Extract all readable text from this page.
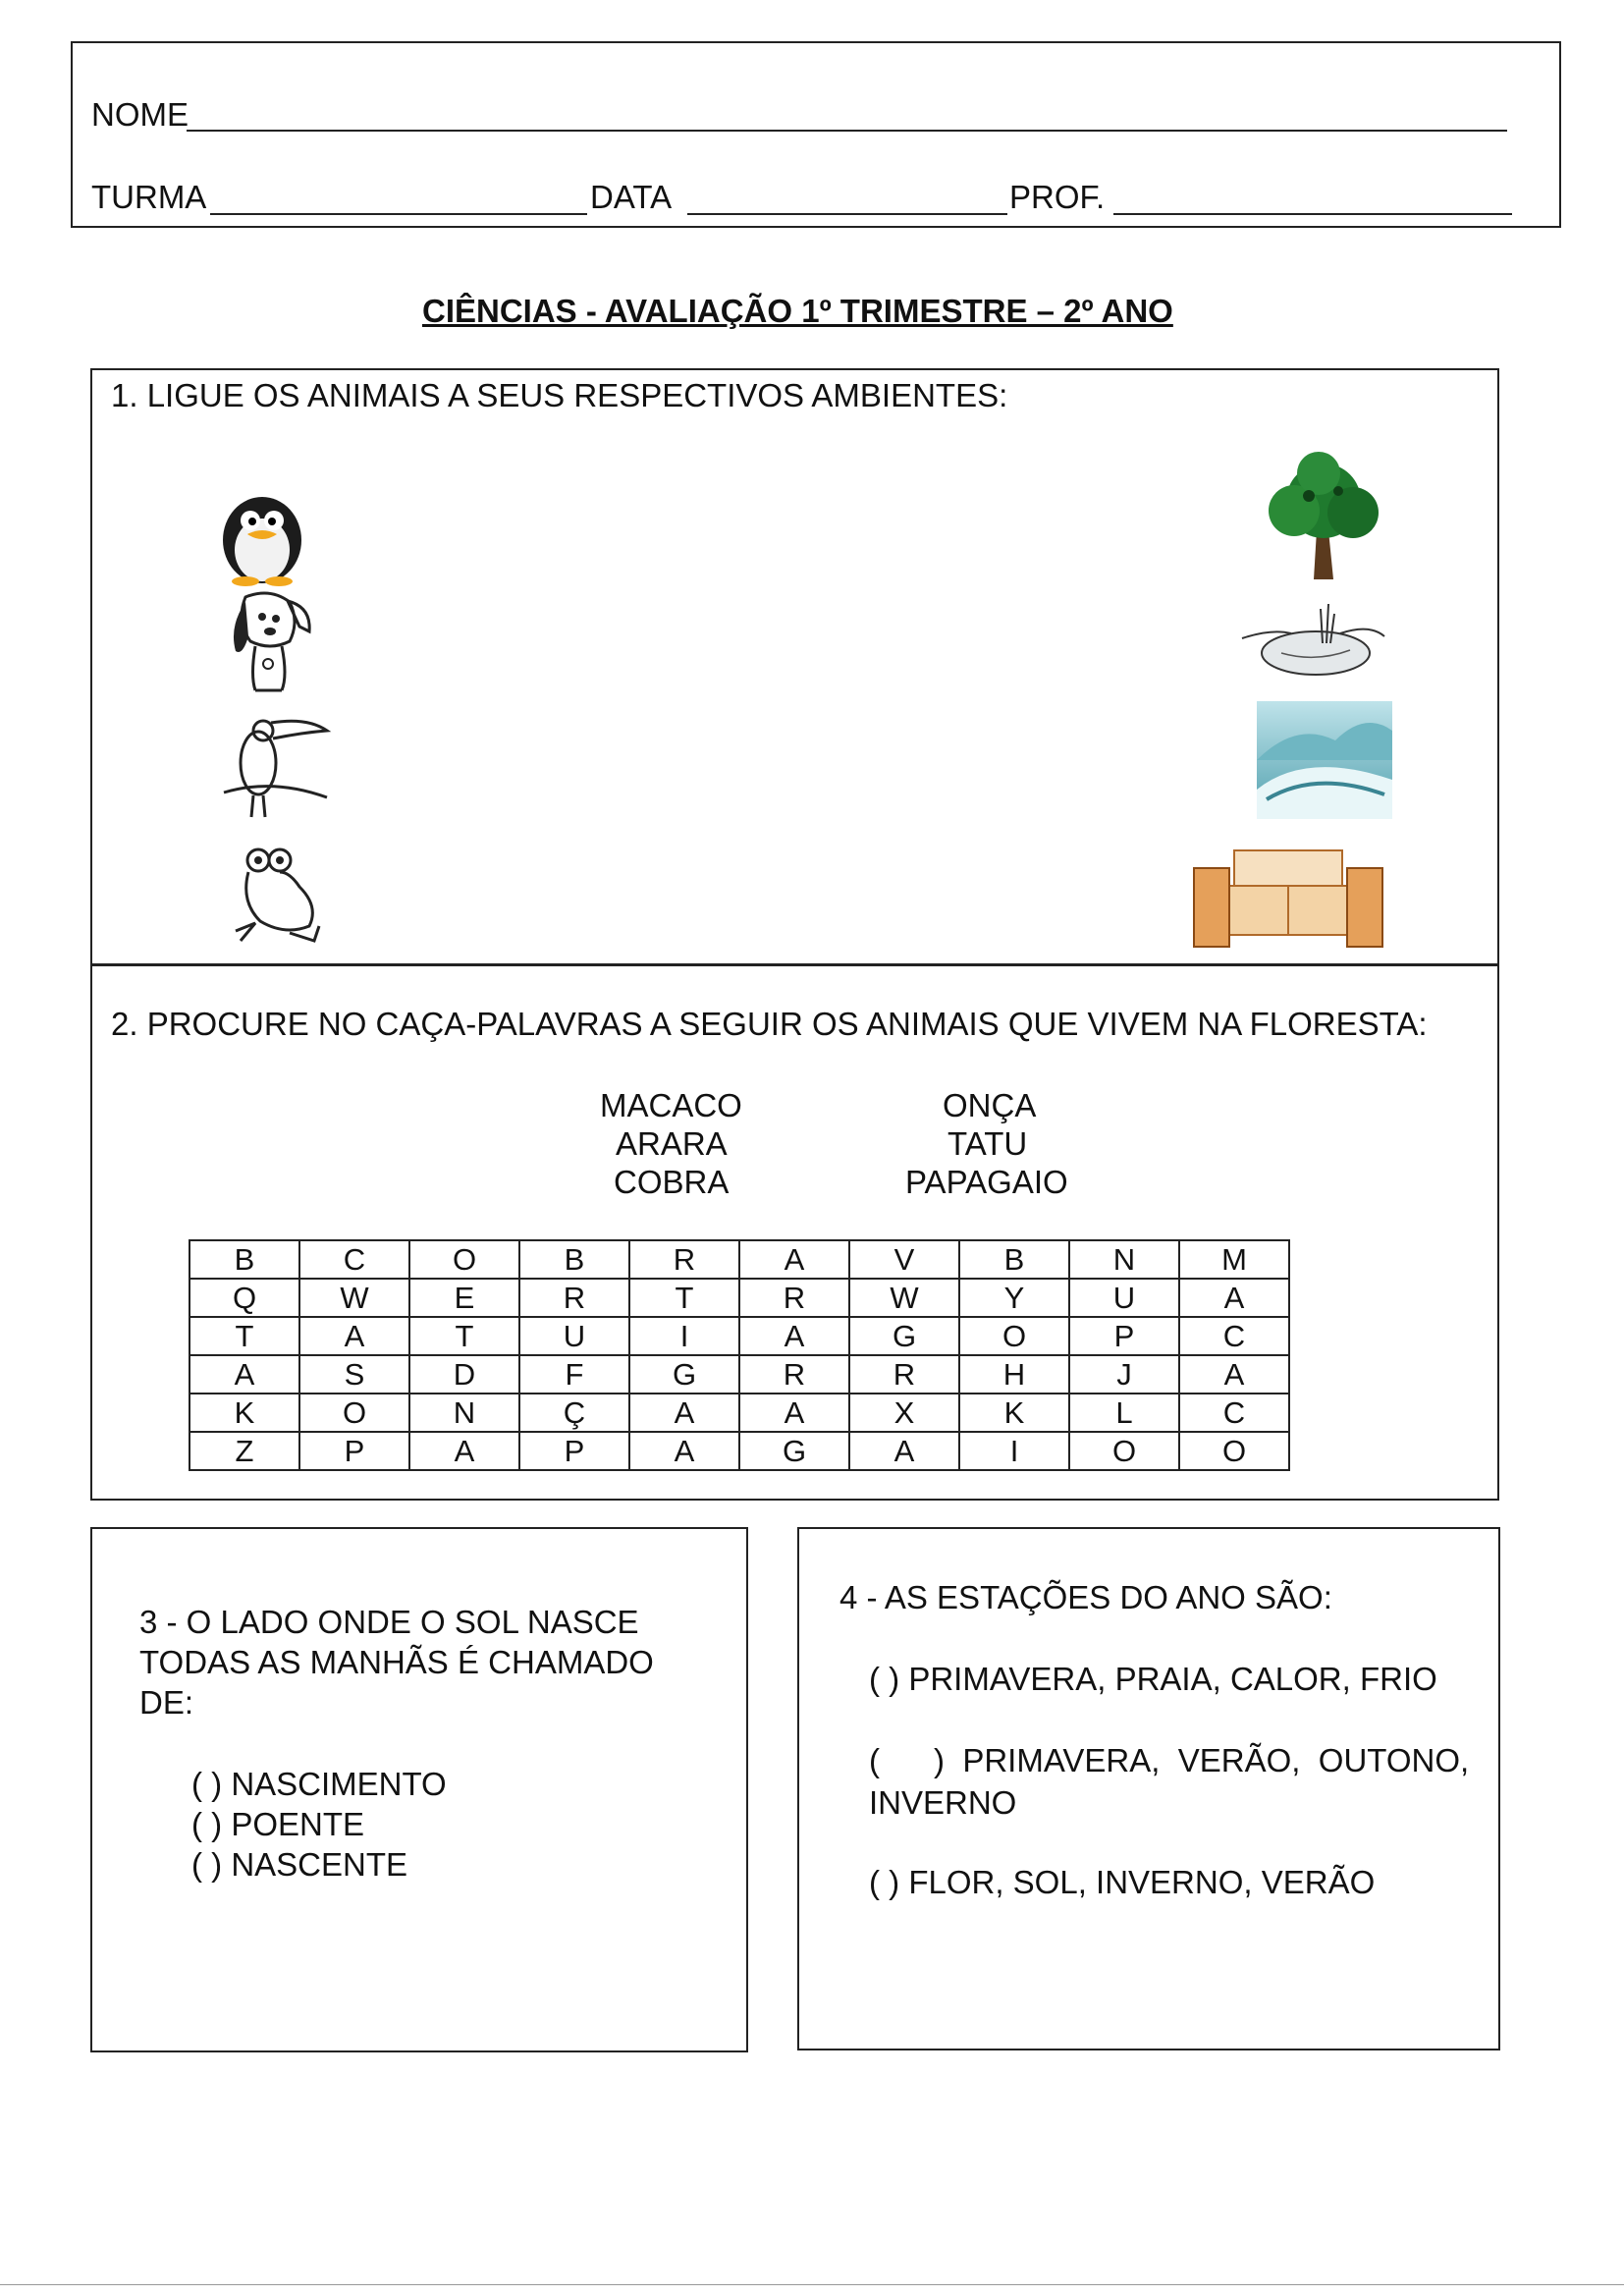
NOME
TURMA	DATA	PROF.
CIÊNCIAS - AVALIAÇÃO 1º TRIMESTRE – 2º ANO
1. LIGUE OS ANIMAIS A SEUS RESPECTIVOS AMBIENTES:
2. PROCURE NO CAÇA-PALAVRAS A SEGUIR OS ANIMAIS QUE VIVEM NA FLORESTA:
MACACO
ARARA
COBRA
ONÇA
TATU
PAPAGAIO
B	C	O	B	R	A	V	B	N	M
Q	W	E	R	T	R	W	Y	U	A
T	A	T	U	I	A	G	O	P	C
A	S	D	F	G	R	R	H	J	A
K	O	N	Ç	A	A	X	K	L	C
Z	P	A	P	A	G	A	I	O	O
3 - O LADO ONDE O SOL NASCE
TODAS AS MANHÃS É CHAMADO
DE:
( ) NASCIMENTO
( ) POENTE
( ) NASCENTE
4 - AS ESTAÇÕES DO ANO SÃO:
( ) PRIMAVERA, PRAIA, CALOR, FRIO
(      )  PRIMAVERA,  VERÃO,  OUTONO,
INVERNO
( ) FLOR, SOL, INVERNO, VERÃO
